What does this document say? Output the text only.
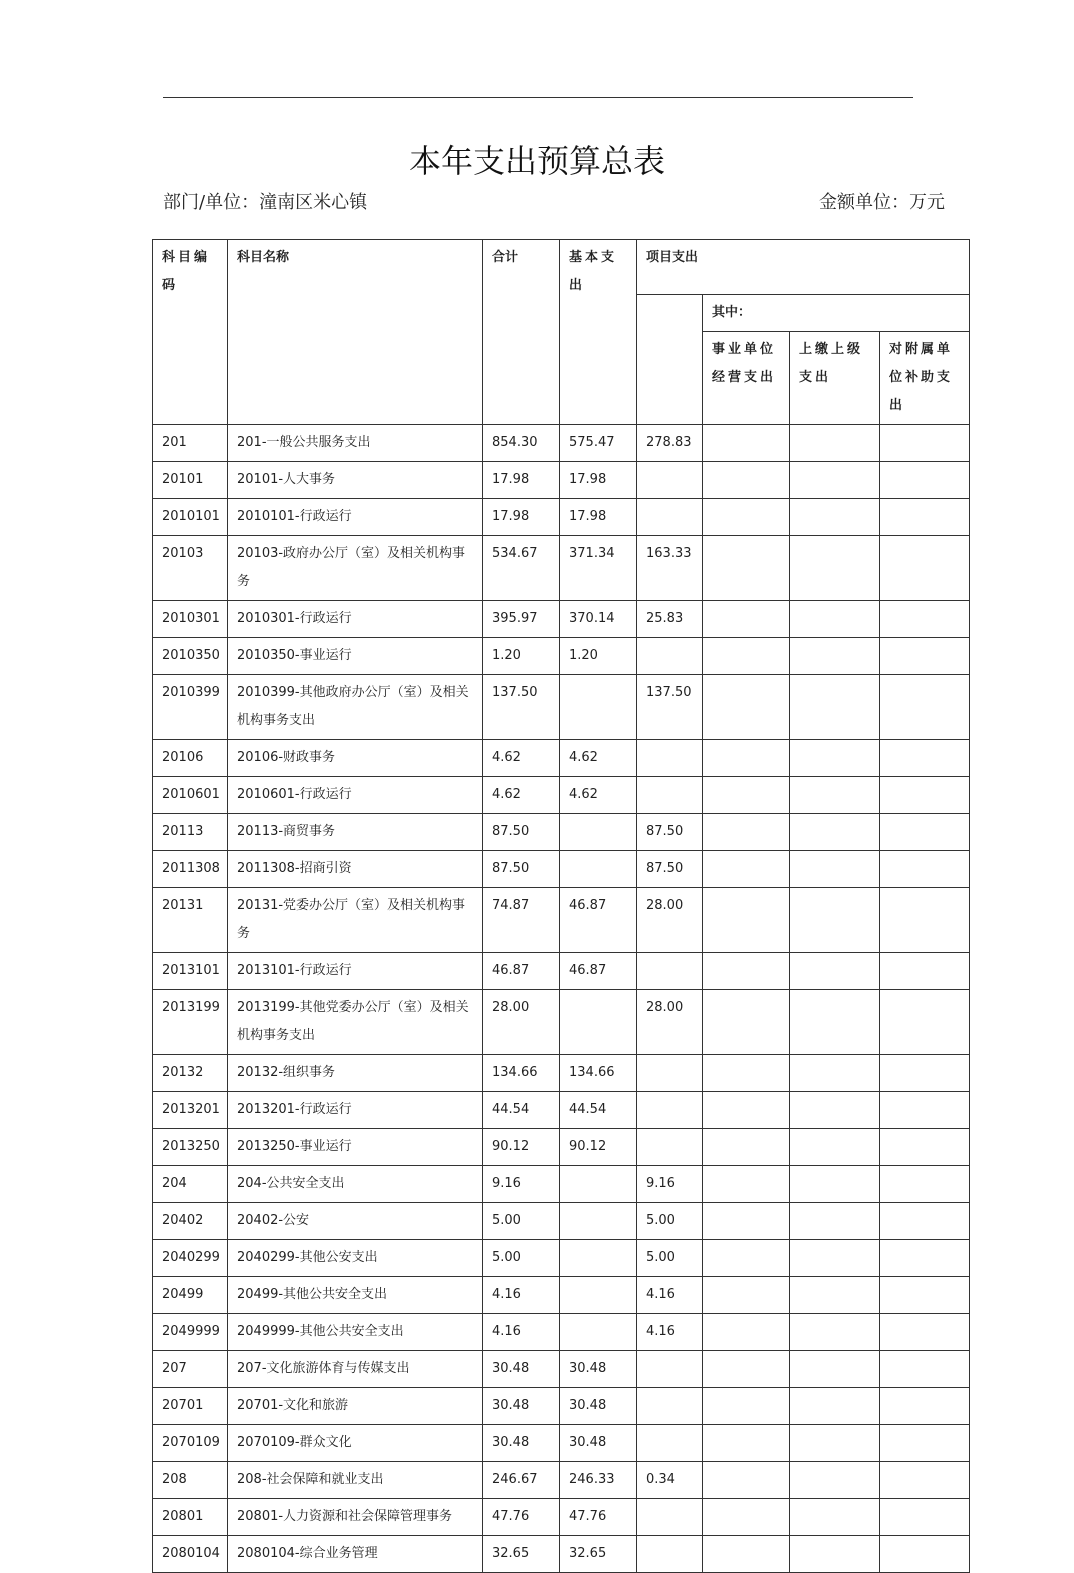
本年支出预算总表
部门/单位：潼南区米心镇	金额单位：万元
科目编码	科目名称	合计	基本支出	项目支出			
					其中：		
					事业单位经营支出	上缴上级支出	对附属单位补助支出
201	201-一般公共服务支出	854.30	575.47	278.83			
20101	20101-人大事务	17.98	17.98				
2010101	2010101-行政运行	17.98	17.98				
20103	20103-政府办公厅（室）及相关机构事务	534.67	371.34	163.33			
2010301	2010301-行政运行	395.97	370.14	25.83			
2010350	2010350-事业运行	1.20	1.20				
2010399	2010399-其他政府办公厅（室）及相关机构事务支出	137.50		137.50			
20106	20106-财政事务	4.62	4.62				
2010601	2010601-行政运行	4.62	4.62				
20113	20113-商贸事务	87.50		87.50			
2011308	2011308-招商引资	87.50		87.50			
20131	20131-党委办公厅（室）及相关机构事务	74.87	46.87	28.00			
2013101	2013101-行政运行	46.87	46.87				
2013199	2013199-其他党委办公厅（室）及相关机构事务支出	28.00		28.00			
20132	20132-组织事务	134.66	134.66				
2013201	2013201-行政运行	44.54	44.54				
2013250	2013250-事业运行	90.12	90.12				
204	204-公共安全支出	9.16		9.16			
20402	20402-公安	5.00		5.00			
2040299	2040299-其他公安支出	5.00		5.00			
20499	20499-其他公共安全支出	4.16		4.16			
2049999	2049999-其他公共安全支出	4.16		4.16			
207	207-文化旅游体育与传媒支出	30.48	30.48				
20701	20701-文化和旅游	30.48	30.48				
2070109	2070109-群众文化	30.48	30.48				
208	208-社会保障和就业支出	246.67	246.33	0.34			
20801	20801-人力资源和社会保障管理事务	47.76	47.76				
2080104	2080104-综合业务管理	32.65	32.65				
